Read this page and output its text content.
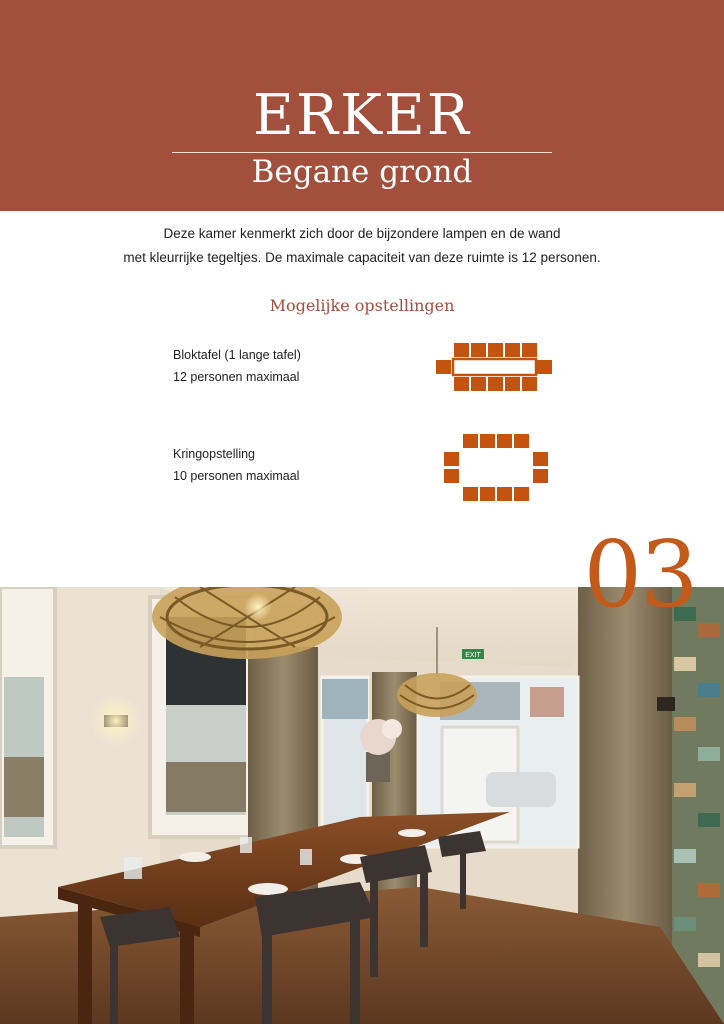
ERKER
Begane grond
Deze kamer kenmerkt zich door de bijzondere lampen en de wand
met kleurrijke tegeltjes. De maximale capaciteit van deze ruimte is 12 personen.
Mogelijke opstellingen
Bloktafel (1 lange tafel)
12 personen maximaal
Kringopstelling
10 personen maximaal
03
EXIT
